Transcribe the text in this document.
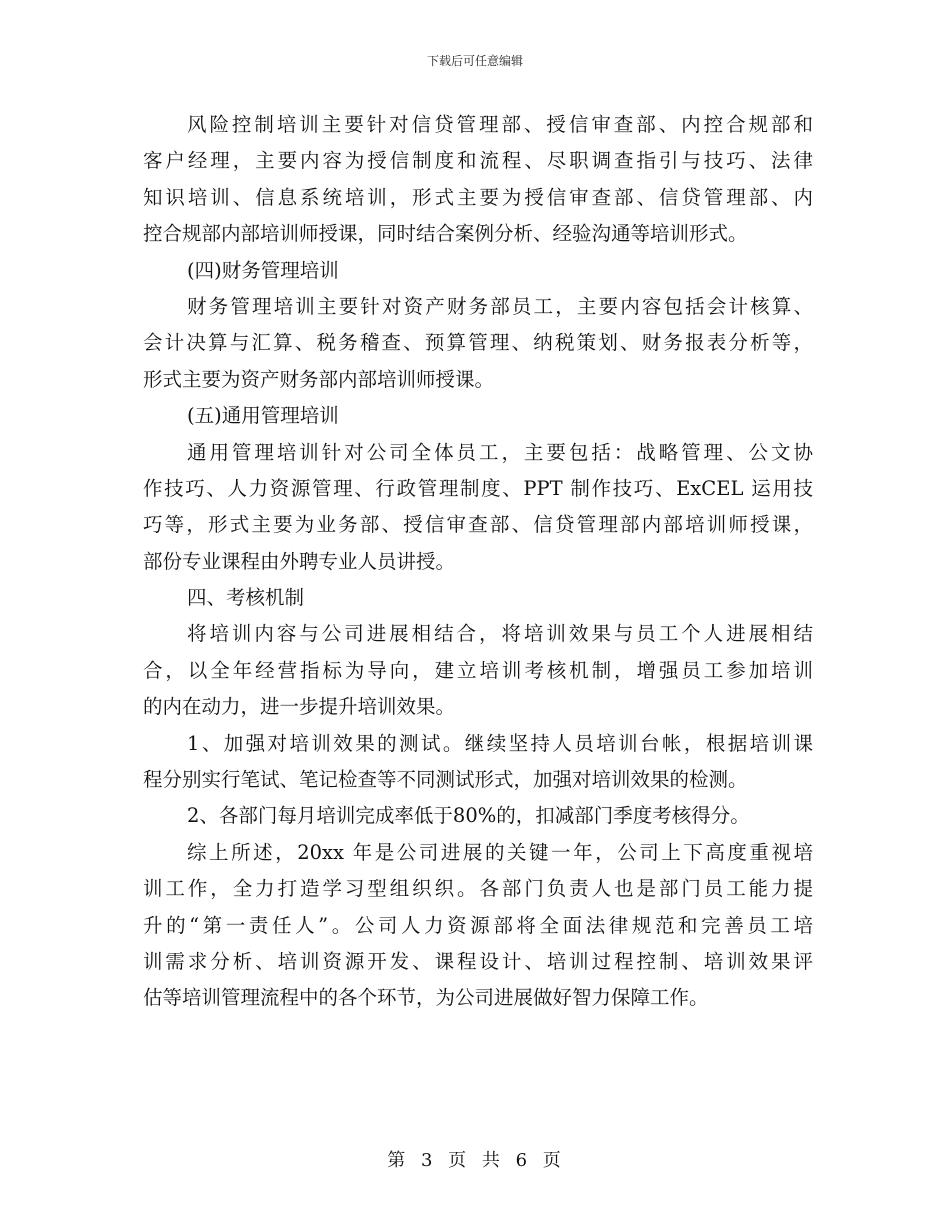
下载后可任意编辑
风险控制培训主要针对信贷管理部、授信审查部、内控合规部和
客户经理，主要内容为授信制度和流程、尽职调查指引与技巧、法律
知识培训、信息系统培训，形式主要为授信审查部、信贷管理部、内
控合规部内部培训师授课，同时结合案例分析、经验沟通等培训形式。
(四)财务管理培训
财务管理培训主要针对资产财务部员工，主要内容包括会计核算、
会计决算与汇算、税务稽查、预算管理、纳税策划、财务报表分析等，
形式主要为资产财务部内部培训师授课。
(五)通用管理培训
通用管理培训针对公司全体员工，主要包括：战略管理、公文协
作技巧、人力资源管理、行政管理制度、PPT 制作技巧、ExCEL 运用技
巧等，形式主要为业务部、授信审查部、信贷管理部内部培训师授课，
部份专业课程由外聘专业人员讲授。
四、考核机制
将培训内容与公司进展相结合，将培训效果与员工个人进展相结
合，以全年经营指标为导向，建立培训考核机制，增强员工参加培训
的内在动力，进一步提升培训效果。
1、加强对培训效果的测试。继续坚持人员培训台帐，根据培训课
程分别实行笔试、笔记检查等不同测试形式，加强对培训效果的检测。
2、各部门每月培训完成率低于80%的，扣减部门季度考核得分。
综上所述，20xx 年是公司进展的关键一年，公司上下高度重视培
训工作，全力打造学习型组织织。各部门负责人也是部门员工能力提
升的“第一责任人”。公司人力资源部将全面法律规范和完善员工培
训需求分析、培训资源开发、课程设计、培训过程控制、培训效果评
估等培训管理流程中的各个环节，为公司进展做好智力保障工作。
第 3 页 共 6 页
